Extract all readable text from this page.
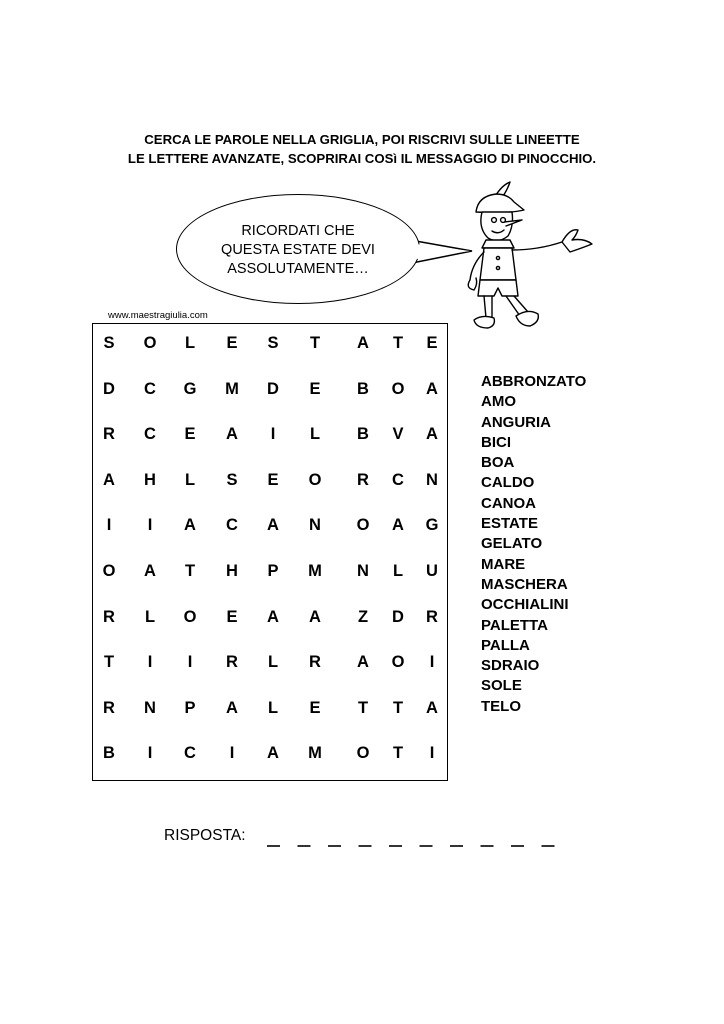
CERCA LE PAROLE NELLA GRIGLIA, POI RISCRIVI SULLE LINEETTE
LE LETTERE AVANZATE, SCOPRIRAI COSì IL MESSAGGIO DI PINOCCHIO.
RICORDATI CHE
QUESTA ESTATE DEVI
ASSOLUTAMENTE…
www.maestragiulia.com
S O	L	E S	T	A	T	E
D C G M D E B O A
R C E A	I	L	B V A
A H	L	S E O R C N
I	I	A C A N O A G
O A	T	H P M N	L	U
R	L	O E A A	Z	D R
T	I	I	R	L	R A O	I
R N P A	L	E	T	T	A
B	I	C	I	A M O	T	I
ABBRONZATO
AMO
ANGURIA
BICI
BOA
CALDO
CANOA
ESTATE
GELATO
MARE
MASCHERA
OCCHIALINI
PALETTA
PALLA
SDRAIO
SOLE
TELO
RISPOSTA:
